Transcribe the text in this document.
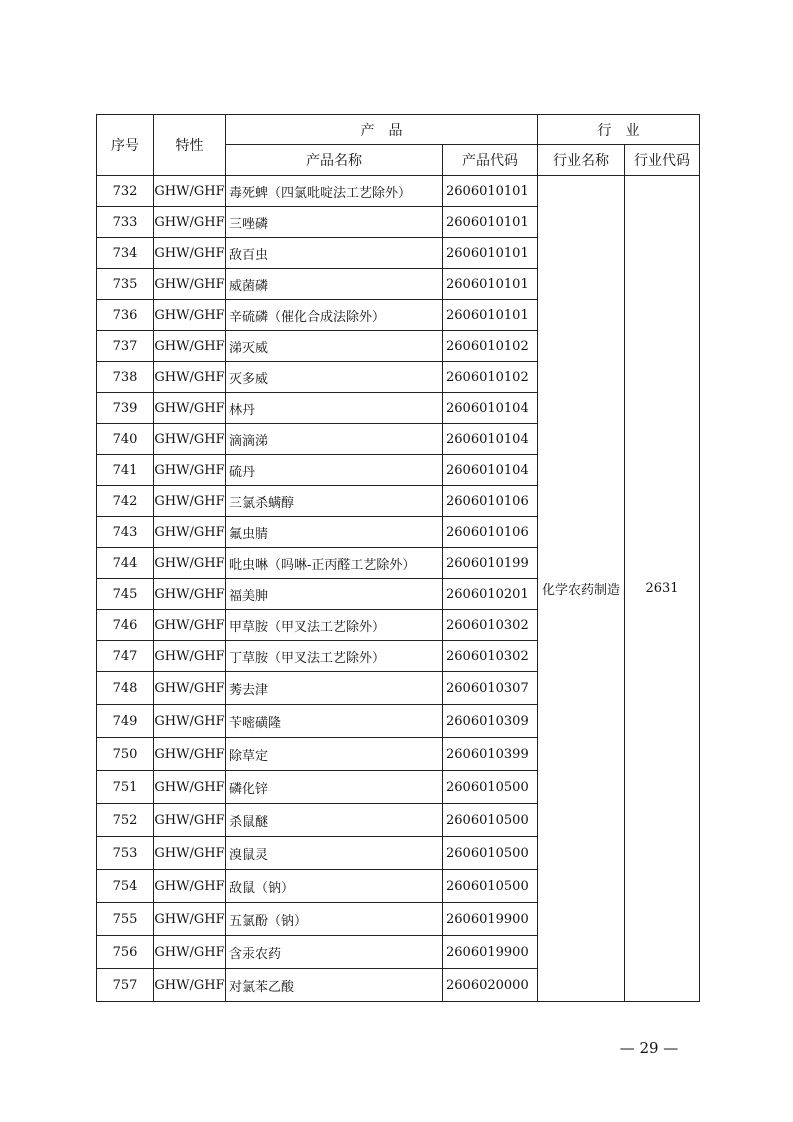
序号	特性	产　品		行　业	
		产品名称	产品代码	行业名称	行业代码
732	GHW/GHF	毒死蜱（四氯吡啶法工艺除外）	2606010101	化学农药制造	2631
733	GHW/GHF	三唑磷	2606010101		
734	GHW/GHF	敌百虫	2606010101		
735	GHW/GHF	威菌磷	2606010101		
736	GHW/GHF	辛硫磷（催化合成法除外）	2606010101		
737	GHW/GHF	涕灭威	2606010102		
738	GHW/GHF	灭多威	2606010102		
739	GHW/GHF	林丹	2606010104		
740	GHW/GHF	滴滴涕	2606010104		
741	GHW/GHF	硫丹	2606010104		
742	GHW/GHF	三氯杀螨醇	2606010106		
743	GHW/GHF	氟虫腈	2606010106		
744	GHW/GHF	吡虫啉（吗啉-正丙醛工艺除外）	2606010199		
745	GHW/GHF	福美胂	2606010201		
746	GHW/GHF	甲草胺（甲叉法工艺除外）	2606010302		
747	GHW/GHF	丁草胺（甲叉法工艺除外）	2606010302		
748	GHW/GHF	莠去津	2606010307		
749	GHW/GHF	苄嘧磺隆	2606010309		
750	GHW/GHF	除草定	2606010399		
751	GHW/GHF	磷化锌	2606010500		
752	GHW/GHF	杀鼠醚	2606010500		
753	GHW/GHF	溴鼠灵	2606010500		
754	GHW/GHF	敌鼠（钠）	2606010500		
755	GHW/GHF	五氯酚（钠）	2606019900		
756	GHW/GHF	含汞农药	2606019900		
757	GHW/GHF	对氯苯乙酸	2606020000		
— 29 —
